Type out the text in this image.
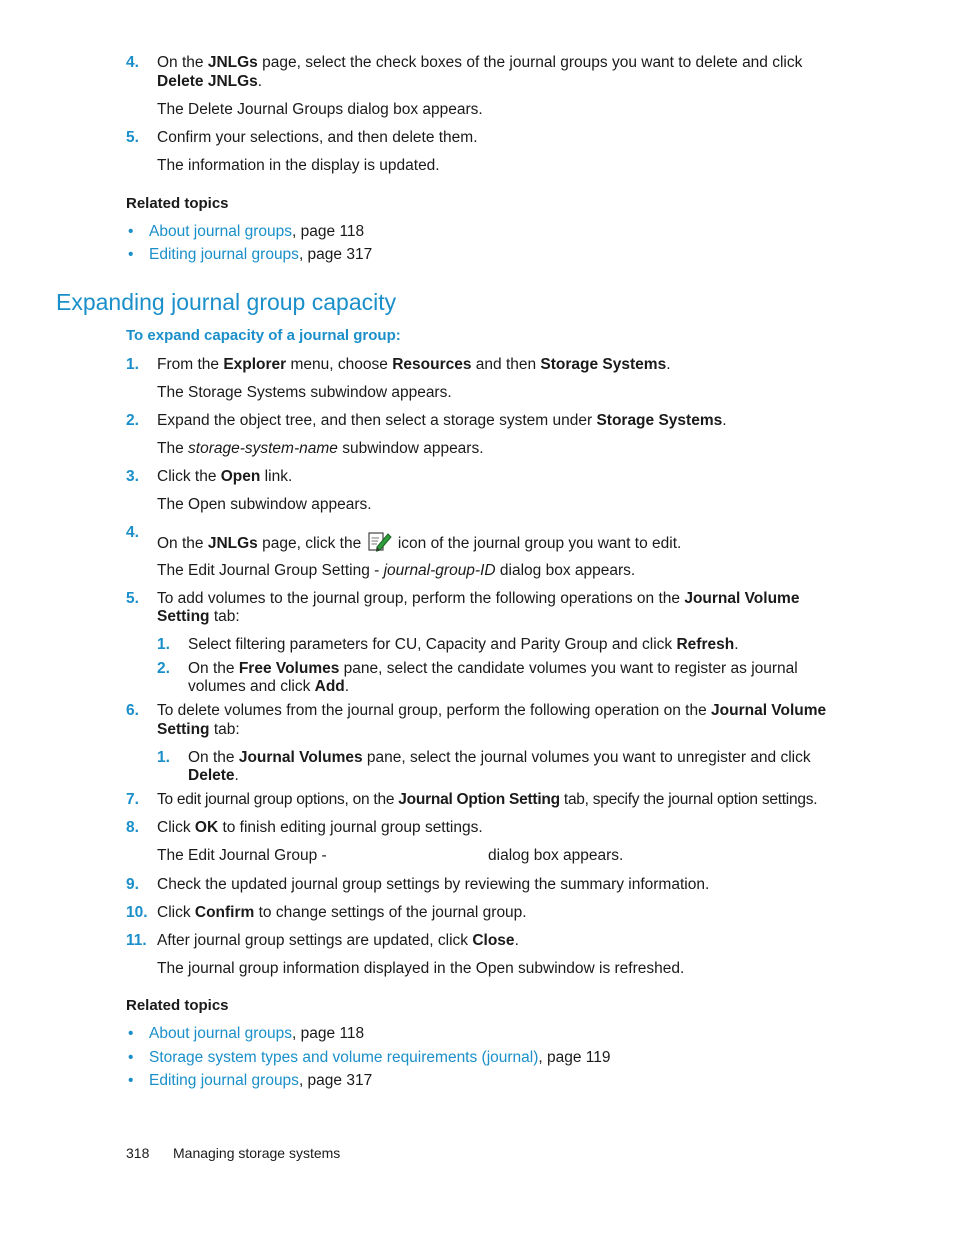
4. On the JNLGs page, select the check boxes of the journal groups you want to delete and click
Delete JNLGs.
The Delete Journal Groups dialog box appears.
5. Confirm your selections, and then delete them.
The information in the display is updated.
Related topics
• About journal groups, page 118
• Editing journal groups, page 317
Expanding journal group capacity
To expand capacity of a journal group:
1. From the Explorer menu, choose Resources and then Storage Systems.
The Storage Systems subwindow appears.
2. Expand the object tree, and then select a storage system under Storage Systems.
The storage-system-name subwindow appears.
3. Click the Open link.
The Open subwindow appears.
4.
On the JNLGs page, click the  icon of the journal group you want to edit.
The Edit Journal Group Setting - journal-group-ID dialog box appears.
5. To add volumes to the journal group, perform the following operations on the Journal Volume
Setting tab:
1. Select filtering parameters for CU, Capacity and Parity Group and click Refresh.
2. On the Free Volumes pane, select the candidate volumes you want to register as journal
volumes and click Add.
6. To delete volumes from the journal group, perform the following operation on the Journal Volume
Setting tab:
1. On the Journal Volumes pane, select the journal volumes you want to unregister and click
Delete.
7. To edit journal group options, on the Journal Option Setting tab, specify the journal option settings.
8. Click OK to finish editing journal group settings.
The Edit Journal Group -	dialog box appears.
9. Check the updated journal group settings by reviewing the summary information.
10. Click Confirm to change settings of the journal group.
11. After journal group settings are updated, click Close.
The journal group information displayed in the Open subwindow is refreshed.
Related topics
• About journal groups, page 118
• Storage system types and volume requirements (journal), page 119
• Editing journal groups, page 317
318 Managing storage systems
